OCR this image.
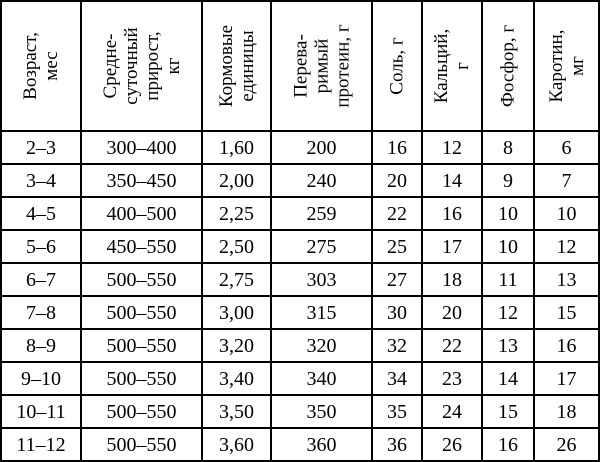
Возраст, мес	Средне- суточный прирост, кг	Кормовые единицы	Перева- римый протеин, г	Соль, г	Кальций, г	Фосфор, г	Каротин, мг

2–3	300–400	1,60	200	16	12	8	6
3–4	350–450	2,00	240	20	14	9	7
4–5	400–500	2,25	259	22	16	10	10
5–6	450–550	2,50	275	25	17	10	12
6–7	500–550	2,75	303	27	18	11	13
7–8	500–550	3,00	315	30	20	12	15
8–9	500–550	3,20	320	32	22	13	16
9–10	500–550	3,40	340	34	23	14	17
10–11	500–550	3,50	350	35	24	15	18
11–12	500–550	3,60	360	36	26	16	26
